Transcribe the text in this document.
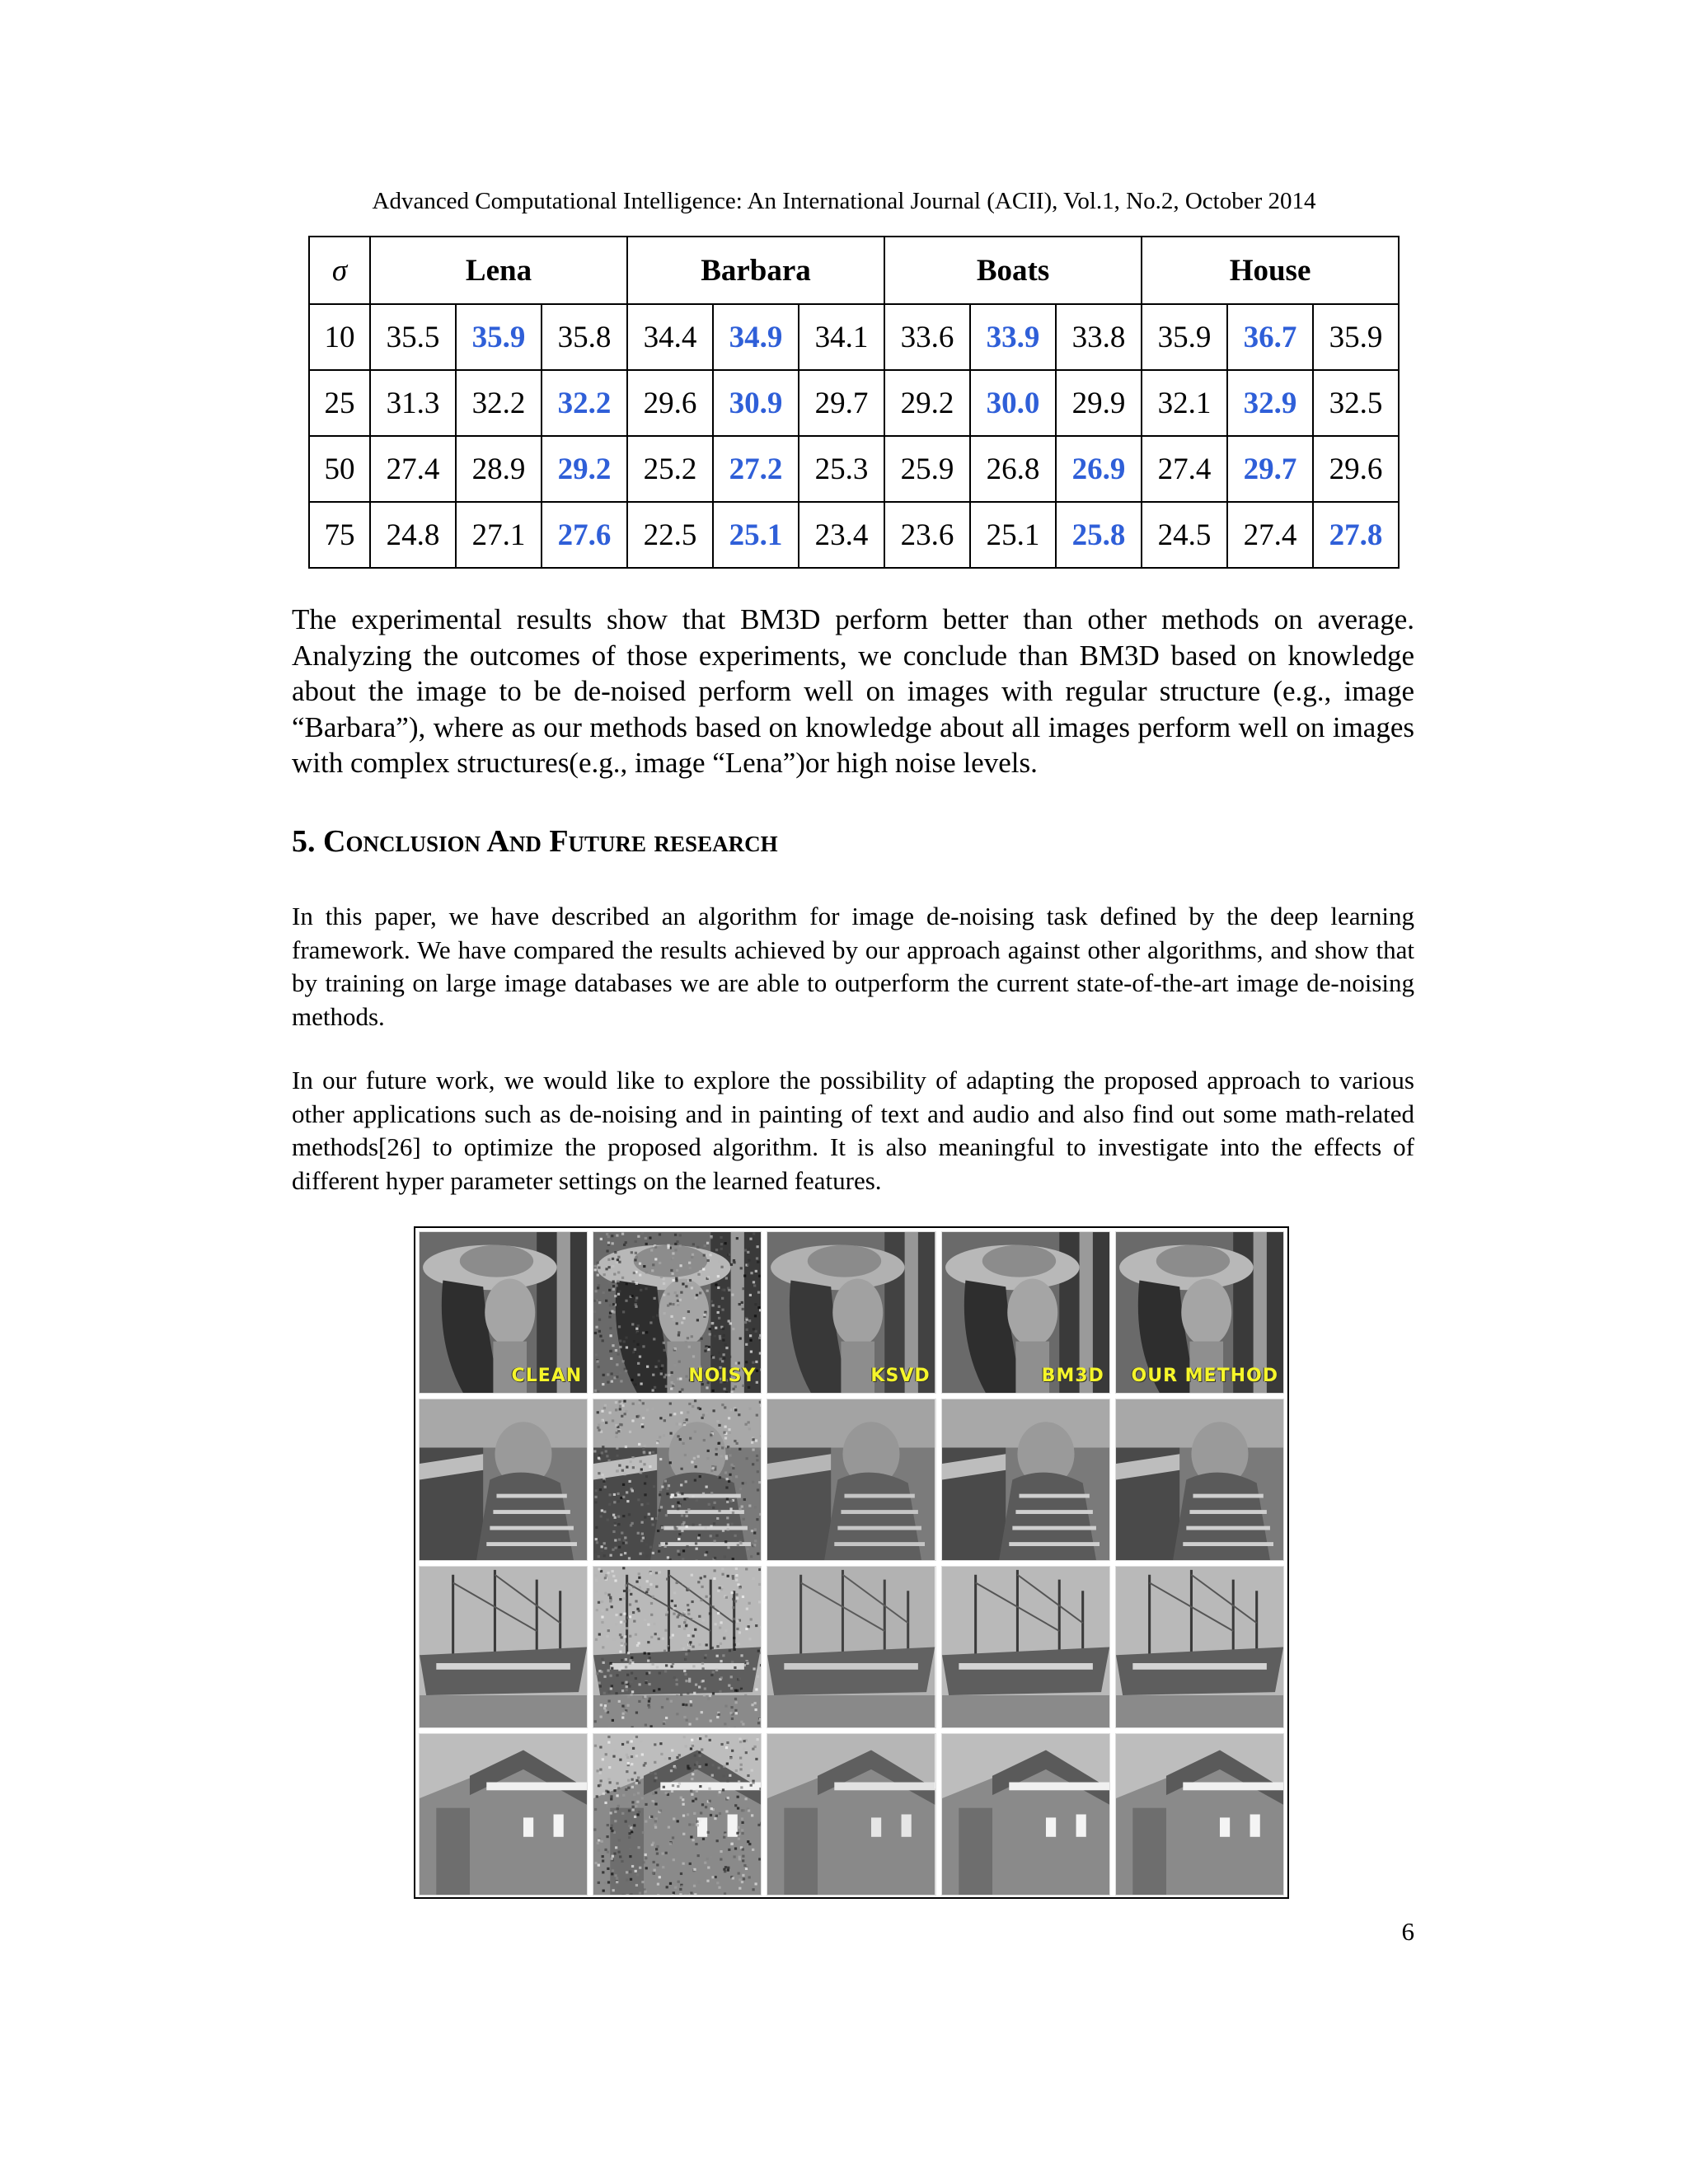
Advanced Computational Intelligence: An International Journal (ACII), Vol.1, No.2, October 2014
σ	Lena			Barbara			Boats			House		
10	35.5	35.9	35.8	34.4	34.9	34.1	33.6	33.9	33.8	35.9	36.7	35.9
25	31.3	32.2	32.2	29.6	30.9	29.7	29.2	30.0	29.9	32.1	32.9	32.5
50	27.4	28.9	29.2	25.2	27.2	25.3	25.9	26.8	26.9	27.4	29.7	29.6
75	24.8	27.1	27.6	22.5	25.1	23.4	23.6	25.1	25.8	24.5	27.4	27.8

The experimental results show that BM3D perform better than other methods on average. Analyzing the outcomes of those experiments, we conclude than BM3D based on knowledge about the image to be de-noised perform well on images with regular structure (e.g., image “Barbara”), where as our methods based on knowledge about all images perform well on images with complex structures(e.g., image “Lena”)or high noise levels.

5. Conclusion And Future research

In this paper, we have described an algorithm for image de-noising task defined by the deep learning framework. We have compared the results achieved by our approach against other algorithms, and show that by training on large image databases we are able to outperform the current state-of-the-art image de-noising methods.

In our future work, we would like to explore the possibility of adapting the proposed approach to various other applications such as de-noising and in painting of text and audio and also find out some math-related methods[26] to optimize the proposed algorithm. It is also meaningful to investigate into the effects of different hyper parameter settings on the learned features.

CLEAN	NOISY	KSVD	BM3D OUR METHOD
6
